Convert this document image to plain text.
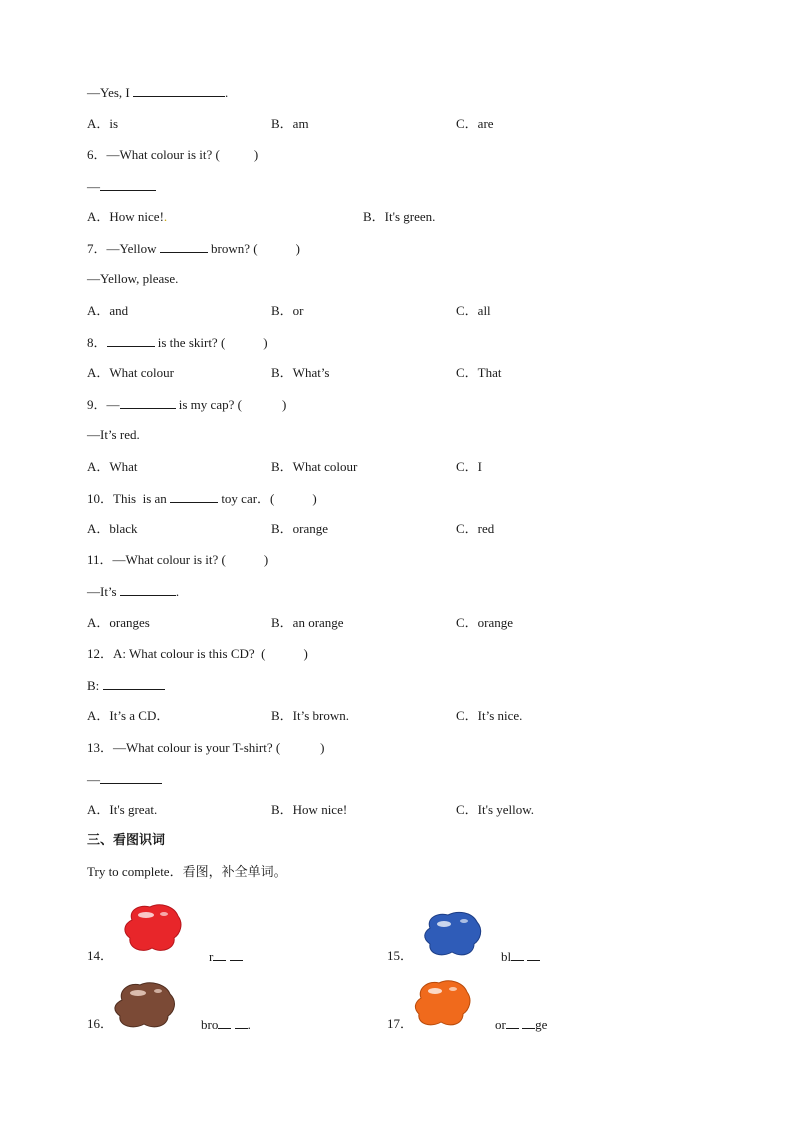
—Yes, I	.
A．is	B．am	C．are
6．—What colour is it? (	)
—
A．How nice!.	B．It's green.
7．—Yellow	brown? (	)
—Yellow, please.
A．and	B．or	C．all
8．	is the skirt? (	)
A．What colour	B．What’s	C．That
9．—	is my cap? (	)
—It’s red.
A．What	B．What colour	C．I
10．This  is an	toy car．(	)
A．black	B．orange	C．red
11．—What colour is it? (	)
—It’s	.
A．oranges	B．an orange	C．orange
12．A: What colour is this CD?  (	)
B:
A．It’s a CD．	B．It’s brown.	C．It’s nice.
13．—What colour is your T-shirt? (	)
—
A．It's great.	B．How nice!	C．It's yellow.
三、看图识词
Try to complete．看图，补全单词。
14．	r	15．	bl
16．	bro .	17．	or ge
